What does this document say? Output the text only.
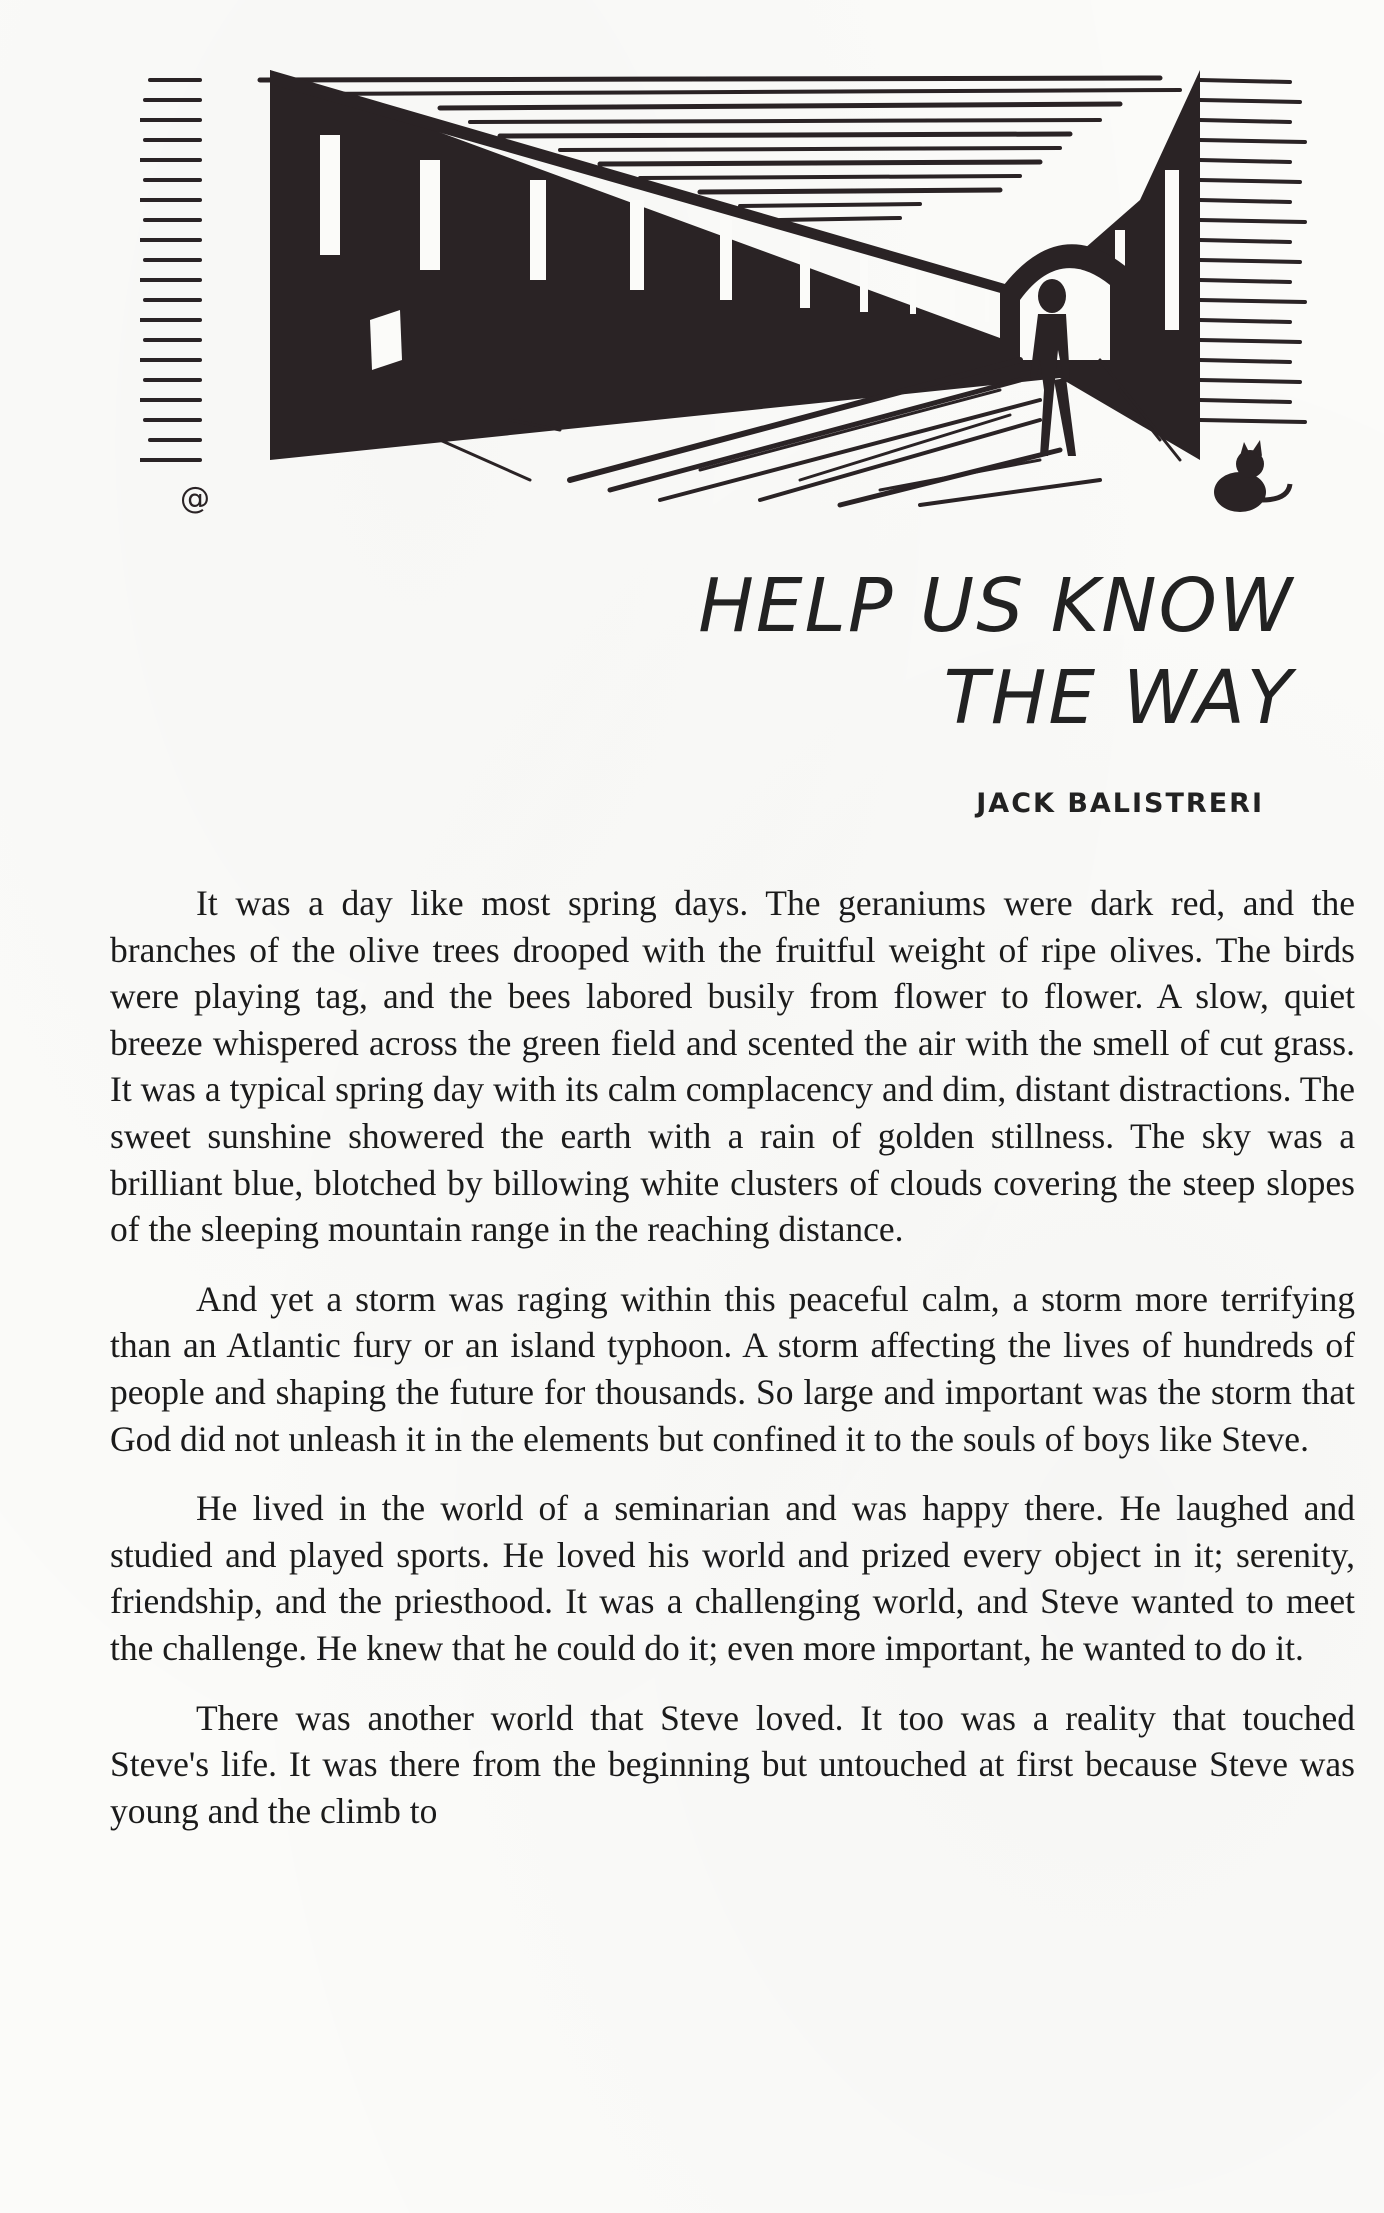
@
HELP US KNOW
THE WAY
JACK BALISTRERI

It was a day like most spring days. The geraniums were dark red, and the branches of the olive trees drooped with the fruitful weight of ripe olives. The birds were playing tag, and the bees labored busily from flower to flower. A slow, quiet breeze whispered across the green field and scented the air with the smell of cut grass. It was a typical spring day with its calm complacency and dim, distant distractions. The sweet sunshine showered the earth with a rain of golden stillness. The sky was a brilliant blue, blotched by billowing white clusters of clouds covering the steep slopes of the sleeping mountain range in the reaching distance.

And yet a storm was raging within this peaceful calm, a storm more terrifying than an Atlantic fury or an island typhoon. A storm affecting the lives of hundreds of people and shaping the future for thousands. So large and important was the storm that God did not unleash it in the elements but confined it to the souls of boys like Steve.

He lived in the world of a seminarian and was happy there. He laughed and studied and played sports. He loved his world and prized every object in it; serenity, friendship, and the priesthood. It was a challenging world, and Steve wanted to meet the challenge. He knew that he could do it; even more important, he wanted to do it.

There was another world that Steve loved. It too was a reality that touched Steve's life. It was there from the beginning but untouched at first because Steve was young and the climb to
